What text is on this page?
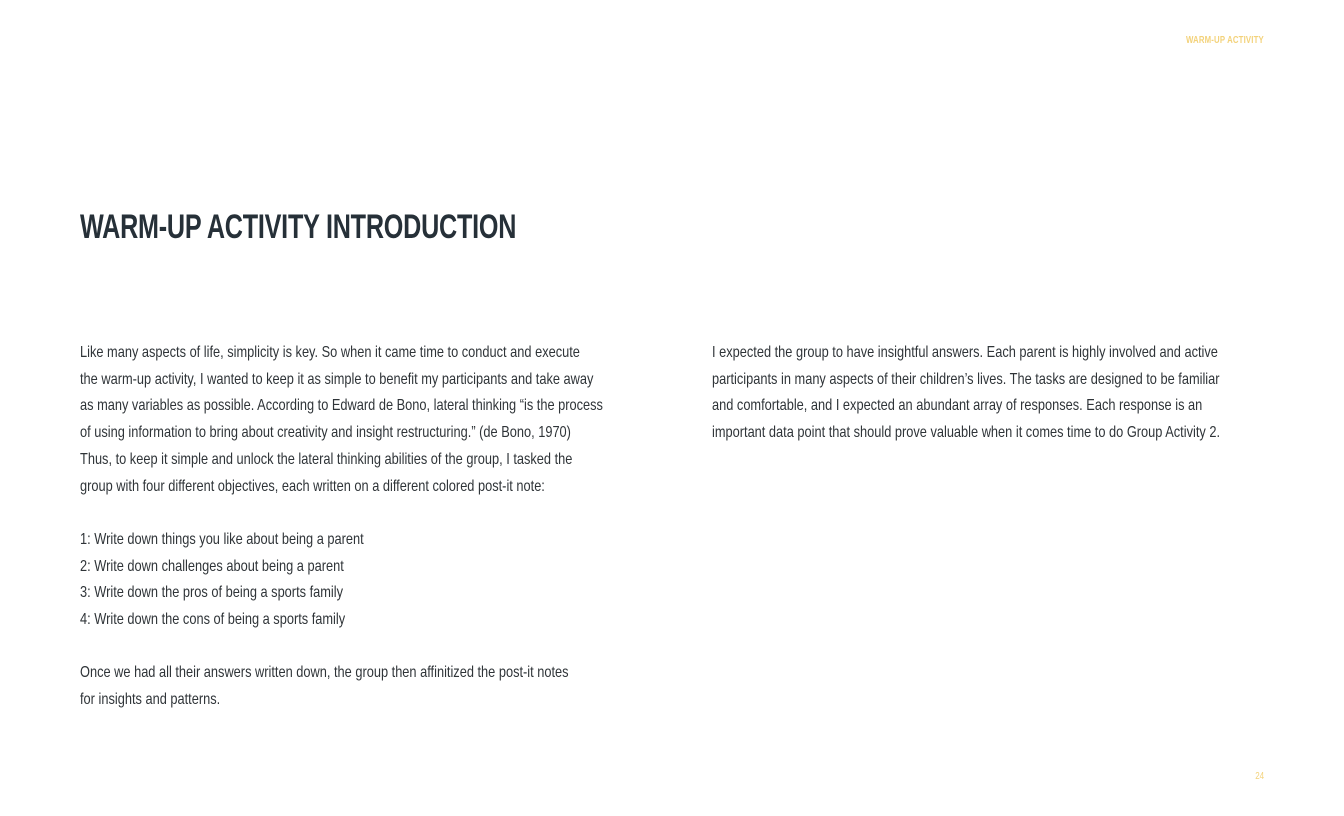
WARM-UP ACTIVITY
WARM-UP ACTIVITY INTRODUCTION

Like many aspects of life, simplicity is key. So when it came time to conduct and execute
the warm-up activity, I wanted to keep it as simple to benefit my participants and take away
as many variables as possible. According to Edward de Bono, lateral thinking “is the process
of using information to bring about creativity and insight restructuring.” (de Bono, 1970)
Thus, to keep it simple and unlock the lateral thinking abilities of the group, I tasked the
group with four different objectives, each written on a different colored post-it note:

1: Write down things you like about being a parent
2: Write down challenges about being a parent
3: Write down the pros of being a sports family
4: Write down the cons of being a sports family

Once we had all their answers written down, the group then affinitized the post-it notes
for insights and patterns.

I expected the group to have insightful answers. Each parent is highly involved and active
participants in many aspects of their children’s lives. The tasks are designed to be familiar
and comfortable, and I expected an abundant array of responses. Each response is an
important data point that should prove valuable when it comes time to do Group Activity 2.

24
